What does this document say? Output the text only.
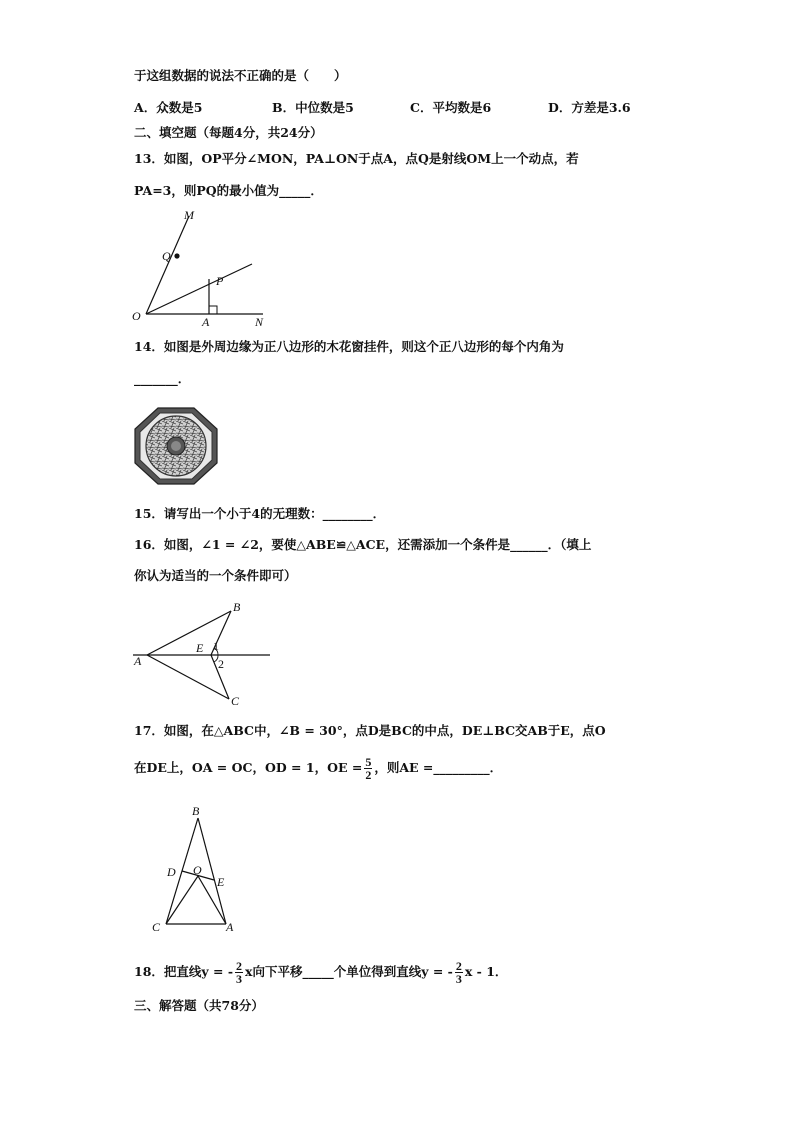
于这组数据的说法不正确的是（　　）
A．众数是5	B．中位数是5	C．平均数是6	D．方差是3.6
二、填空题（每题4分，共24分）
13．如图，OP平分∠MON，PA⊥ON于点A，点Q是射线OM上一个动点，若
PA=3，则PQ的最小值为_____．
M
Q
P
O	A	N
14．如图是外周边缘为正八边形的木花窗挂件，则这个正八边形的每个内角为
_______．
15．请写出一个小于4的无理数：________．
16．如图，∠1 = ∠2，要使△ABE≌△ACE，还需添加一个条件是______．（填上
你认为适当的一个条件即可）
B
A
E 1
2
C
17．如图，在△ABC中，∠B = 30°，点D是BC的中点，DE⊥BC交AB于E，点O
在DE上，OA = OC，OD = 1，OE = $\frac{5}{2}$ ，则AE =_________．
B
D O
E
C	A
18．把直线y = - $\frac{2}{3}$ x向下平移_____个单位得到直线y = - $\frac{2}{3}$ x - 1．
三、解答题（共78分）
